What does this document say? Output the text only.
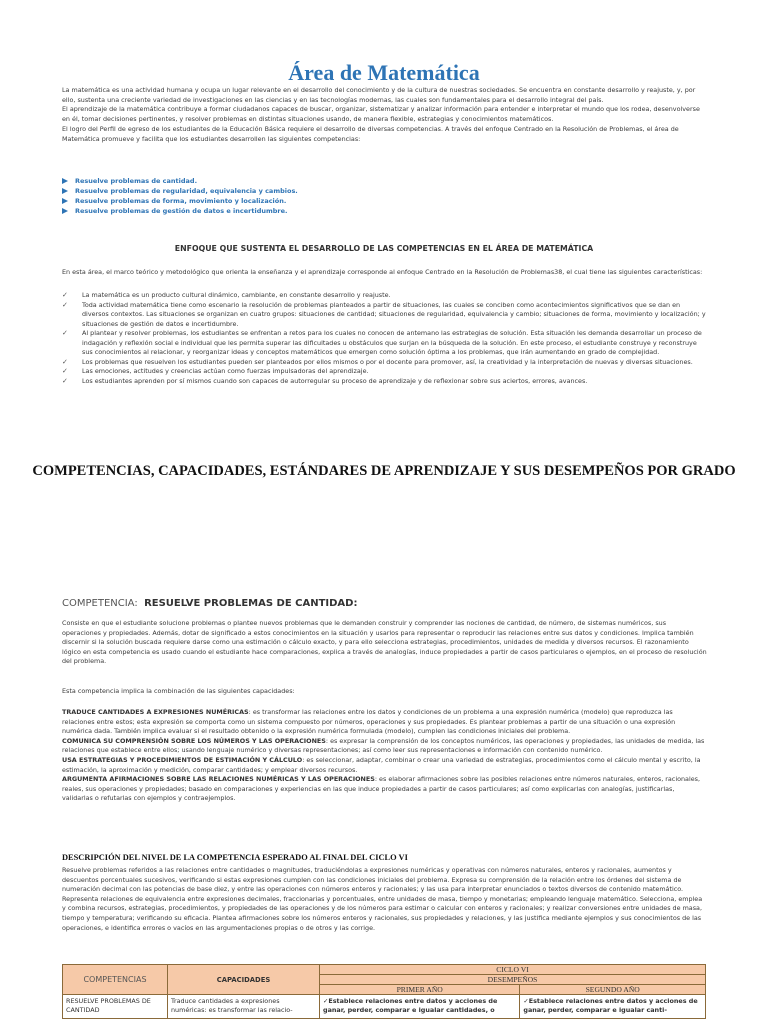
Área de Matemática

La matemática es una actividad humana y ocupa un lugar relevante en el desarrollo del conocimiento y de la cultura de nuestras sociedades. Se encuentra en constante desarrollo y reajuste, y, por ello, sustenta una creciente variedad de investigaciones en las ciencias y en las tecnologías modernas, las cuales son fundamentales para el desarrollo integral del país.

El aprendizaje de la matemática contribuye a formar ciudadanos capaces de buscar, organizar, sistematizar y analizar información para entender e interpretar el mundo que los rodea, desenvolverse en él, tomar decisiones pertinentes, y resolver problemas en distintas situaciones usando, de manera flexible, estrategias y conocimientos matemáticos.

El logro del Perfil de egreso de los estudiantes de la Educación Básica requiere el desarrollo de diversas competencias. A través del enfoque Centrado en la Resolución de Problemas, el área de Matemática promueve y facilita que los estudiantes desarrollen las siguientes competencias:

Resuelve problemas de cantidad.
Resuelve problemas de regularidad, equivalencia y cambios.
Resuelve problemas de forma, movimiento y localización.
Resuelve problemas de gestión de datos e incertidumbre.
ENFOQUE QUE SUSTENTA EL DESARROLLO DE LAS COMPETENCIAS EN EL ÁREA DE MATEMÁTICA

En esta área, el marco teórico y metodológico que orienta la enseñanza y el aprendizaje corresponde al enfoque Centrado en la Resolución de Problemas38, el cual tiene las siguientes características:

✓	La matemática es un producto cultural dinámico, cambiante, en constante desarrollo y reajuste.
✓	Toda actividad matemática tiene como escenario la resolución de problemas planteados a partir de situaciones, las cuales se conciben como acontecimientos significativos que se dan en diversos contextos. Las situaciones se organizan en cuatro grupos: situaciones de cantidad; situaciones de regularidad, equivalencia y cambio; situaciones de forma, movimiento y localización; y situaciones de gestión de datos e incertidumbre.
✓	Al plantear y resolver problemas, los estudiantes se enfrentan a retos para los cuales no conocen de antemano las estrategias de solución. Esta situación les demanda desarrollar un proceso de indagación y reflexión social e individual que les permita superar las dificultades u obstáculos que surjan en la búsqueda de la solución. En este proceso, el estudiante construye y reconstruye sus conocimientos al relacionar, y reorganizar ideas y conceptos matemáticos que emergen como solución óptima a los problemas, que irán aumentando en grado de complejidad.
✓	Los problemas que resuelven los estudiantes pueden ser planteados por ellos mismos o por el docente para promover, así, la creatividad y la interpretación de nuevas y diversas situaciones.
✓	Las emociones, actitudes y creencias actúan como fuerzas impulsadoras del aprendizaje.
✓	Los estudiantes aprenden por sí mismos cuando son capaces de autorregular su proceso de aprendizaje y de reflexionar sobre sus aciertos, errores, avances.
COMPETENCIAS, CAPACIDADES, ESTÁNDARES DE APRENDIZAJE Y SUS DESEMPEÑOS POR GRADO
COMPETENCIA: RESUELVE PROBLEMAS DE CANTIDAD:

Consiste en que el estudiante solucione problemas o plantee nuevos problemas que le demanden construir y comprender las nociones de cantidad, de número, de sistemas numéricos, sus operaciones y propiedades. Además, dotar de significado a estos conocimientos en la situación y usarlos para representar o reproducir las relaciones entre sus datos y condiciones. Implica también discernir si la solución buscada requiere darse como una estimación o cálculo exacto, y para ello selecciona estrategias, procedimientos, unidades de medida y diversos recursos. El razonamiento lógico en esta competencia es usado cuando el estudiante hace comparaciones, explica a través de analogías, induce propiedades a partir de casos particulares o ejemplos, en el proceso de resolución del problema.

Esta competencia implica la combinación de las siguientes capacidades:

TRADUCE CANTIDADES A EXPRESIONES NUMÉRICAS: es transformar las relaciones entre los datos y condiciones de un problema a una expresión numérica (modelo) que reproduzca las relaciones entre estos; esta expresión se comporta como un sistema compuesto por números, operaciones y sus propiedades. Es plantear problemas a partir de una situación o una expresión numérica dada. También implica evaluar si el resultado obtenido o la expresión numérica formulada (modelo), cumplen las condiciones iniciales del problema.

COMUNICA SU COMPRENSIÓN SOBRE LOS NÚMEROS Y LAS OPERACIONES: es expresar la comprensión de los conceptos numéricos, las operaciones y propiedades, las unidades de medida, las relaciones que establece entre ellos; usando lenguaje numérico y diversas representaciones; así como leer sus representaciones e información con contenido numérico.

USA ESTRATEGIAS Y PROCEDIMIENTOS DE ESTIMACIÓN Y CÁLCULO: es seleccionar, adaptar, combinar o crear una variedad de estrategias, procedimientos como el cálculo mental y escrito, la estimación, la aproximación y medición, comparar cantidades; y emplear diversos recursos.

ARGUMENTA AFIRMACIONES SOBRE LAS RELACIONES NUMÉRICAS Y LAS OPERACIONES: es elaborar afirmaciones sobre las posibles relaciones entre números naturales, enteros, racionales, reales, sus operaciones y propiedades; basado en comparaciones y experiencias en las que induce propiedades a partir de casos particulares; así como explicarlas con analogías, justificarlas, validarlas o refutarlas con ejemplos y contraejemplos.

DESCRIPCIÓN DEL NIVEL DE LA COMPETENCIA ESPERADO AL FINAL DEL CICLO VI

Resuelve problemas referidos a las relaciones entre cantidades o magnitudes, traduciéndolas a expresiones numéricas y operativas con números naturales, enteros y racionales, aumentos y descuentos porcentuales sucesivos, verificando si estas expresiones cumplen con las condiciones iniciales del problema. Expresa su comprensión de la relación entre los órdenes del sistema de numeración decimal con las potencias de base diez, y entre las operaciones con números enteros y racionales; y las usa para interpretar enunciados o textos diversos de contenido matemático.

Representa relaciones de equivalencia entre expresiones decimales, fraccionarias y porcentuales, entre unidades de masa, tiempo y monetarias; empleando lenguaje matemático. Selecciona, emplea y combina recursos, estrategias, procedimientos, y propiedades de las operaciones y de los números para estimar o calcular con enteros y racionales; y realizar conversiones entre unidades de masa, tiempo y temperatura; verificando su eficacia. Plantea afirmaciones sobre los números enteros y racionales, sus propiedades y relaciones, y las justifica mediante ejemplos y sus conocimientos de las operaciones, e identifica errores o vacíos en las argumentaciones propias o de otros y las corrige.

COMPETENCIAS	CAPACIDADES	CICLO VI	
		DESEMPEÑOS	
		PRIMER AÑO	SEGUNDO AÑO
RESUELVE PROBLEMAS DE CANTIDAD	Traduce cantidades a expresiones numéricas: es transformar las relacio-	✓Establece relaciones entre datos y acciones de ganar, perder, comparar e igualar cantidades, o	✓Establece relaciones entre datos y acciones de ganar, perder, comparar e igualar canti-
